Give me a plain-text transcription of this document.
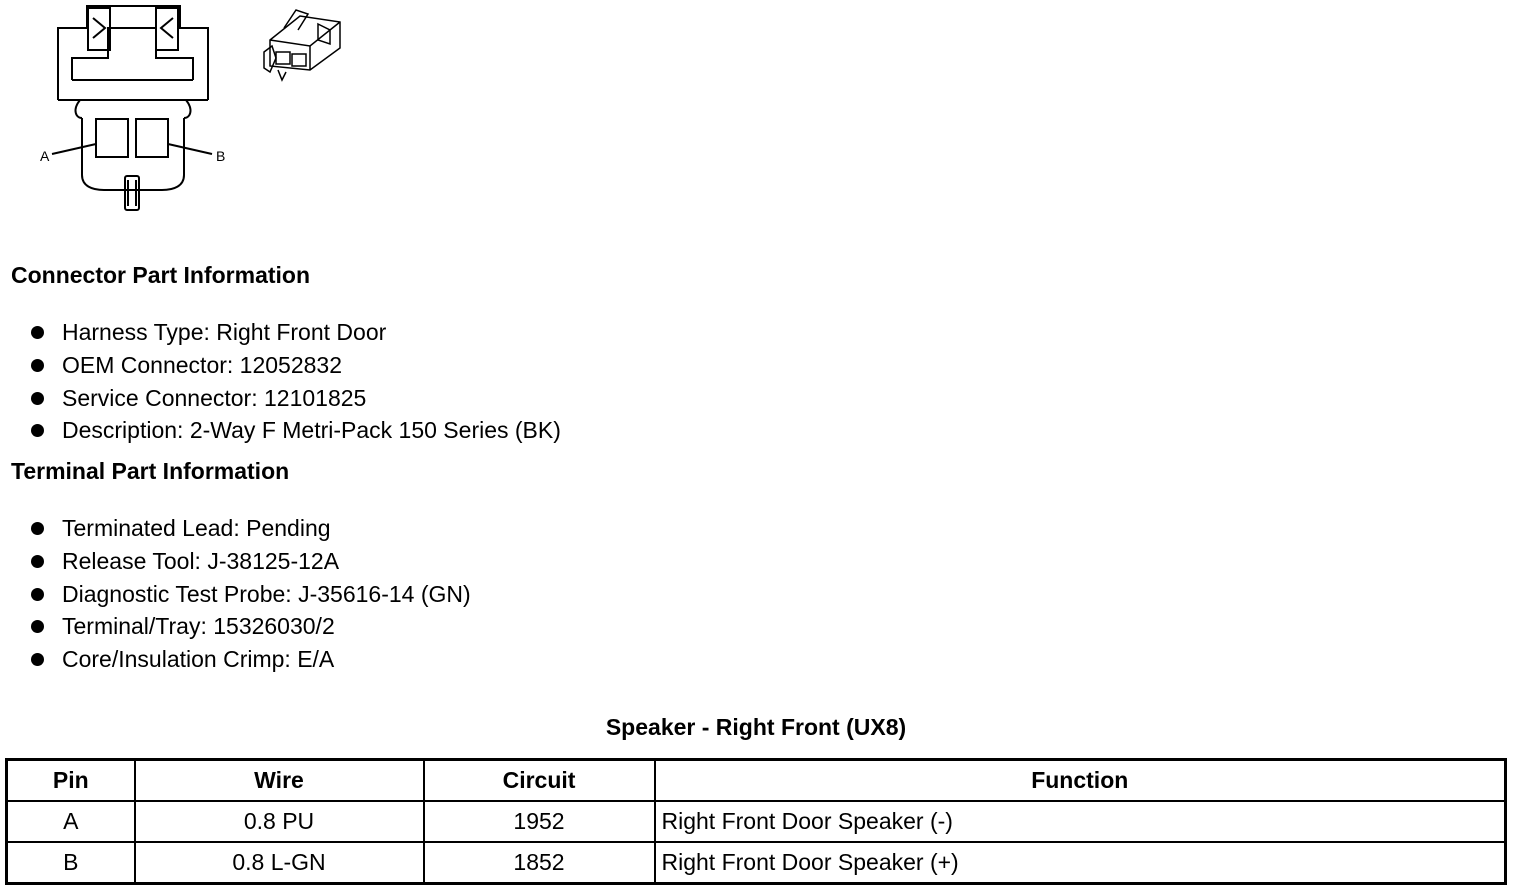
A	B
Connector Part Information
Harness Type: Right Front Door
OEM Connector: 12052832
Service Connector: 12101825
Description: 2-Way F Metri-Pack 150 Series (BK)
Terminal Part Information
Terminated Lead: Pending
Release Tool: J-38125-12A
Diagnostic Test Probe: J-35616-14 (GN)
Terminal/Tray: 15326030/2
Core/Insulation Crimp: E/A
Speaker - Right Front (UX8)
Pin	Wire	Circuit	Function
A	0.8 PU	1952	Right Front Door Speaker (-)
B	0.8 L-GN	1852	Right Front Door Speaker (+)
